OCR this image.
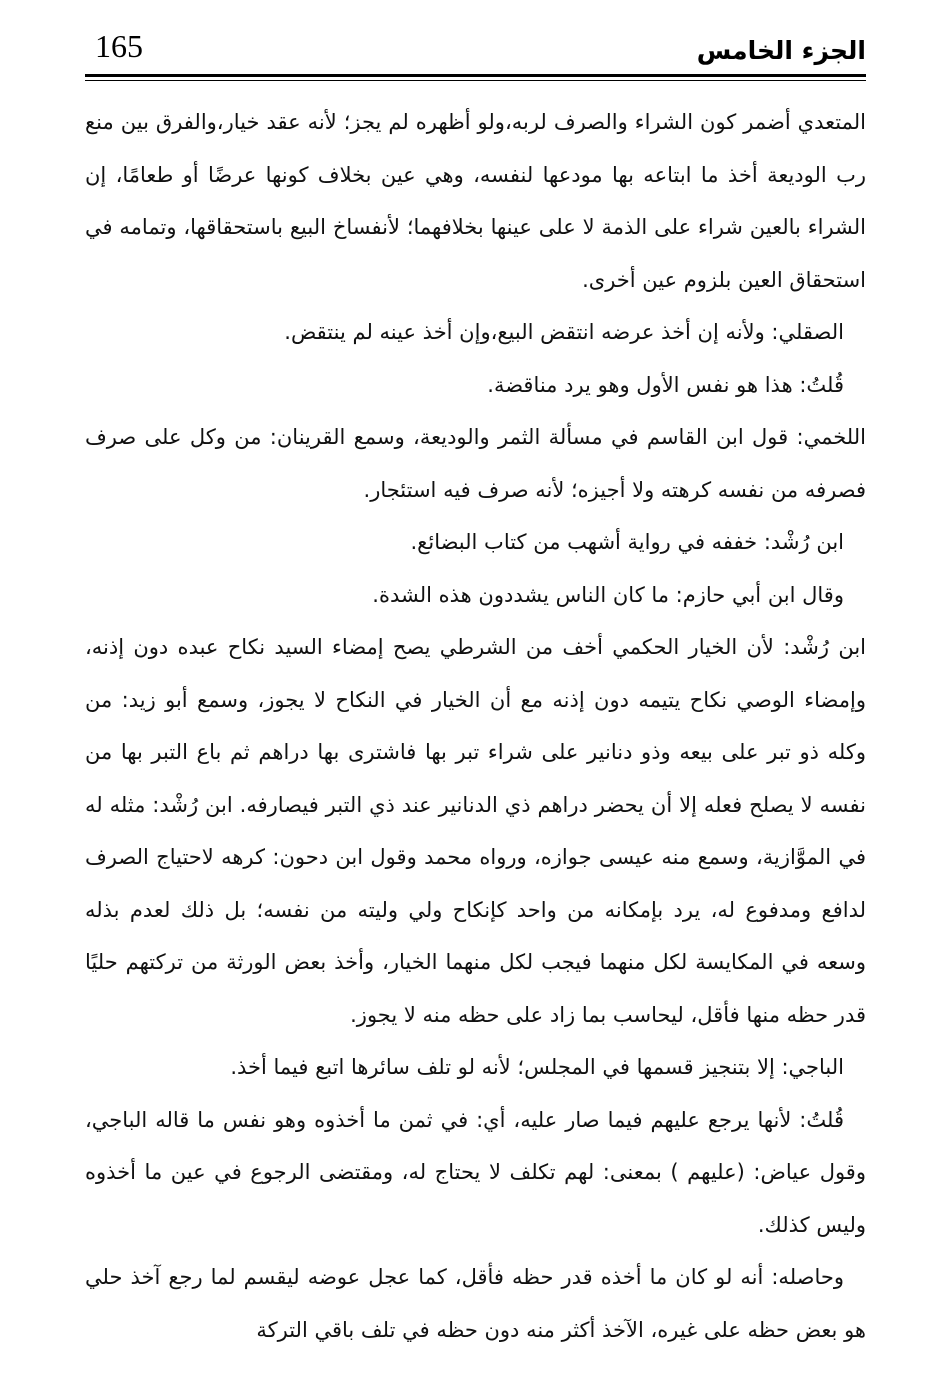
165	الجزء الخامس

المتعدي أضمر كون الشراء والصرف لربه،ولو أظهره لم يجز؛ لأنه عقد خيار،والفرق بين منع رب الوديعة أخذ ما ابتاعه بها مودعها لنفسه، وهي عين بخلاف كونها عرضًا أو طعامًا، إن الشراء بالعين شراء على الذمة لا على عينها بخلافهما؛ لأنفساخ البيع باستحقاقها، وتمامه في استحقاق العين بلزوم عين أخرى.

الصقلي: ولأنه إن أخذ عرضه انتقض البيع،وإن أخذ عينه لم ينتقض.

قُلتُ: هذا هو نفس الأول وهو يرد مناقضة.

اللخمي: قول ابن القاسم في مسألة الثمر والوديعة، وسمع القرينان: من وكل على صرف فصرفه من نفسه كرهته ولا أجيزه؛ لأنه صرف فيه استئجار.

ابن رُشْد: خففه في رواية أشهب من كتاب البضائع.

وقال ابن أبي حازم: ما كان الناس يشددون هذه الشدة.

ابن رُشْد: لأن الخيار الحكمي أخف من الشرطي يصح إمضاء السيد نكاح عبده دون إذنه، وإمضاء الوصي نكاح يتيمه دون إذنه مع أن الخيار في النكاح لا يجوز، وسمع أبو زيد: من وكله ذو تبر على بيعه وذو دنانير على شراء تبر بها فاشترى بها دراهم ثم باع التبر بها من نفسه لا يصلح فعله إلا أن يحضر دراهم ذي الدنانير عند ذي التبر فيصارفه. ابن رُشْد: مثله له في الموَّازية، وسمع منه عيسى جوازه، ورواه محمد وقول ابن دحون: كرهه لاحتياج الصرف لدافع ومدفوع له، يرد بإمكانه من واحد كإنكاح ولي وليته من نفسه؛ بل ذلك لعدم بذله وسعه في المكايسة لكل منهما فيجب لكل منهما الخيار، وأخذ بعض الورثة من تركتهم حليًا قدر حظه منها فأقل، ليحاسب بما زاد على حظه منه لا يجوز.

الباجي: إلا بتنجيز قسمها في المجلس؛ لأنه لو تلف سائرها اتبع فيما أخذ.

قُلتُ: لأنها يرجع عليهم فيما صار عليه، أي: في ثمن ما أخذوه وهو نفس ما قاله الباجي، وقول عياض: (عليهم ) بمعنى: لهم تكلف لا يحتاج له، ومقتضى الرجوع في عين ما أخذوه وليس كذلك.

وحاصله: أنه لو كان ما أخذه قدر حظه فأقل، كما عجل عوضه ليقسم لما رجع آخذ حلي هو بعض حظه على غيره، الآخذ أكثر منه دون حظه في تلف باقي التركة
